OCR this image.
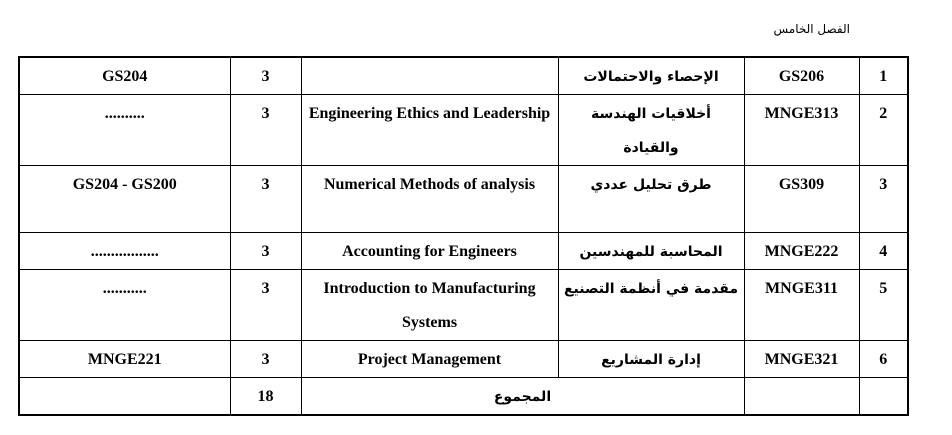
الفصل الخامس
GS204	3		الإحصاء والاحتمالات	GS206	1
..........	3	Engineering Ethics and Leadership	أخلاقيات الهندسة والقيادة	MNGE313	2
GS204 - GS200	3	Numerical Methods of analysis	طرق تحليل عددي	GS309	3
.................	3	Accounting for Engineers	المحاسبة للمهندسين	MNGE222	4
...........	3	Introduction to Manufacturing Systems	مقدمة في أنظمة التصنيع	MNGE311	5
MNGE221	3	Project Management	إدارة المشاريع	MNGE321	6
	18	المجموع			
